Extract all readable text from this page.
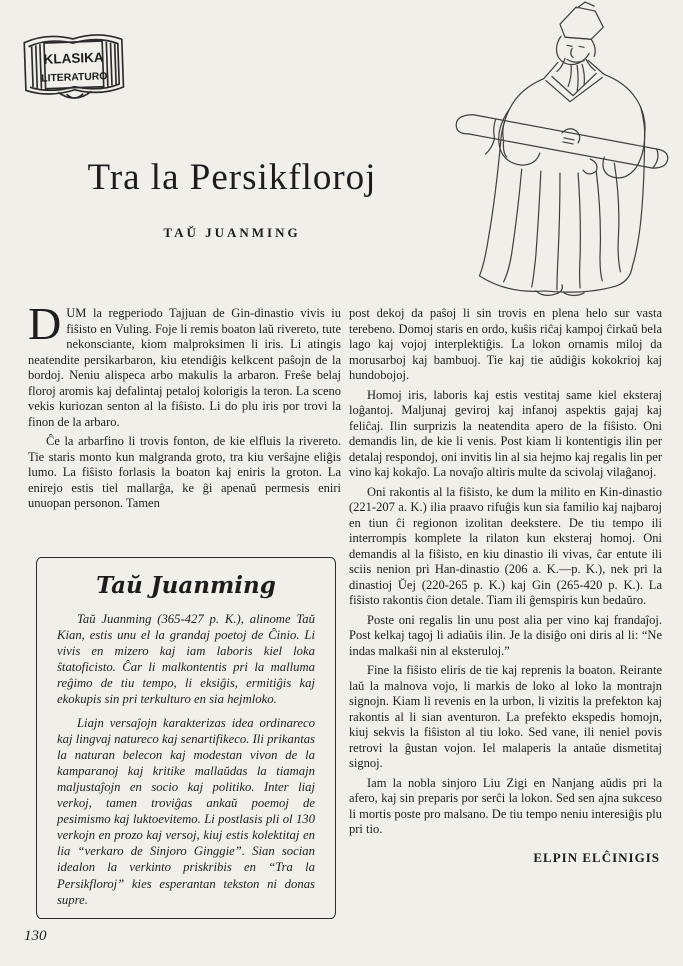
KLASIKA
LITERATURO
Tra la Persikfloroj
TAŬ JUANMING

DUM la regperiodo Tajjuan de Gin-dinastio vivis iu fiŝisto en Vuling. Foje li remis boaton laŭ rivereto, tute nekonsciante, kiom malproksimen li iris. Li atingis neatendite persikarbaron, kiu etendiĝis kelkcent paŝojn de la bordoj. Neniu alispeca arbo makulis la arbaron. Freŝe belaj floroj aromis kaj defalintaj petaloj kolorigis la teron. La sceno vekis kuriozan senton al la fiŝisto. Li do plu iris por trovi la finon de la arbaro.

Ĉe la arbarfino li trovis fonton, de kie elfluis la rivereto. Tie staris monto kun malgranda groto, tra kiu verŝajne eliĝis lumo. La fiŝisto forlasis la boaton kaj eniris la groton. La enirejo estis tiel mallarĝa, ke ĝi apenaŭ permesis eniri unuopan personon. Tamen

Taŭ Juanming

Taŭ Juanming (365-427 p. K.), alinome Taŭ Kian, estis unu el la grandaj poetoj de Ĉinio. Li vivis en mizero kaj iam laboris kiel loka ŝtatoficisto. Ĉar li malkontentis pri la malluma reĝimo de tiu tempo, li eksiĝis, ermitiĝis kaj ekokupis sin pri terkulturo en sia hejmloko.

Liajn versaĵojn karakterizas idea ordinareco kaj lingvaj natureco kaj senartifikeco. Ili prikantas la naturan belecon kaj modestan vivon de la kamparanoj kaj kritike mallaŭdas la tiamajn maljustaĵojn en socio kaj politiko. Inter liaj verkoj, tamen troviĝas ankaŭ poemoj de pesimismo kaj luktoevitemo. Li postlasis pli ol 130 verkojn en prozo kaj versoj, kiuj estis kolektitaj en lia “verkaro de Sinjoro Ginggie”. Sian socian idealon la verkinto priskribis en “Tra la Persikfloroj” kies esperantan tekston ni donas supre.

post dekoj da paŝoj li sin trovis en plena helo sur vasta terebeno. Domoj staris en ordo, kuŝis riĉaj kampoj ĉirkaŭ bela lago kaj vojoj interplektiĝis. La lokon ornamis miloj da morusarboj kaj bambuoj. Tie kaj tie aŭdiĝis kokokrioj kaj hundobojoj.

Homoj iris, laboris kaj estis vestitaj same kiel eksteraj loĝantoj. Maljunaj geviroj kaj infanoj aspektis gajaj kaj feliĉaj. Ilin surprizis la neatendita apero de la fiŝisto. Oni demandis lin, de kie li venis. Post kiam li kontentigis ilin per detalaj respondoj, oni invitis lin al sia hejmo kaj regalis lin per vino kaj kokaĵo. La novaĵo altiris multe da scivolaj vilaĝanoj.

Oni rakontis al la fiŝisto, ke dum la milito en Kin-dinastio (221-207 a. K.) ilia praavo rifuĝis kun sia familio kaj najbaroj en tiun ĉi regionon izolitan deekstere. De tiu tempo ili interrompis komplete la rilaton kun eksteraj homoj. Oni demandis al la fiŝisto, en kiu dinastio ili vivas, ĉar entute ili sciis nenion pri Han-dinastio (206 a. K.—p. K.), nek pri la dinastioj Ŭej (220-265 p. K.) kaj Gin (265-420 p. K.). La fiŝisto rakontis ĉion detale. Tiam ili ĝemspiris kun bedaŭro.

Poste oni regalis lin unu post alia per vino kaj frandaĵoj. Post kelkaj tagoj li adiaŭis ilin. Je la disiĝo oni diris al li: “Ne indas malkaŝi nin al eksteruloj.”

Fine la fiŝisto eliris de tie kaj reprenis la boaton. Reirante laŭ la malnova vojo, li markis de loko al loko la montrajn signojn. Kiam li revenis en la urbon, li vizitis la prefekton kaj rakontis al li sian aventuron. La prefekto ekspedis homojn, kiuj sekvis la fiŝiston al tiu loko. Sed vane, ili neniel povis retrovi la ĝustan vojon. Iel malaperis la antaŭe dismetitaj signoj.

Iam la nobla sinjoro Liu Zigi en Nanjang aŭdis pri la afero, kaj sin preparis por serĉi la lokon. Sed sen ajna sukceso li mortis poste pro malsano. De tiu tempo neniu interesiĝis plu pri tio.

ELPIN ELĈINIGIS
130
